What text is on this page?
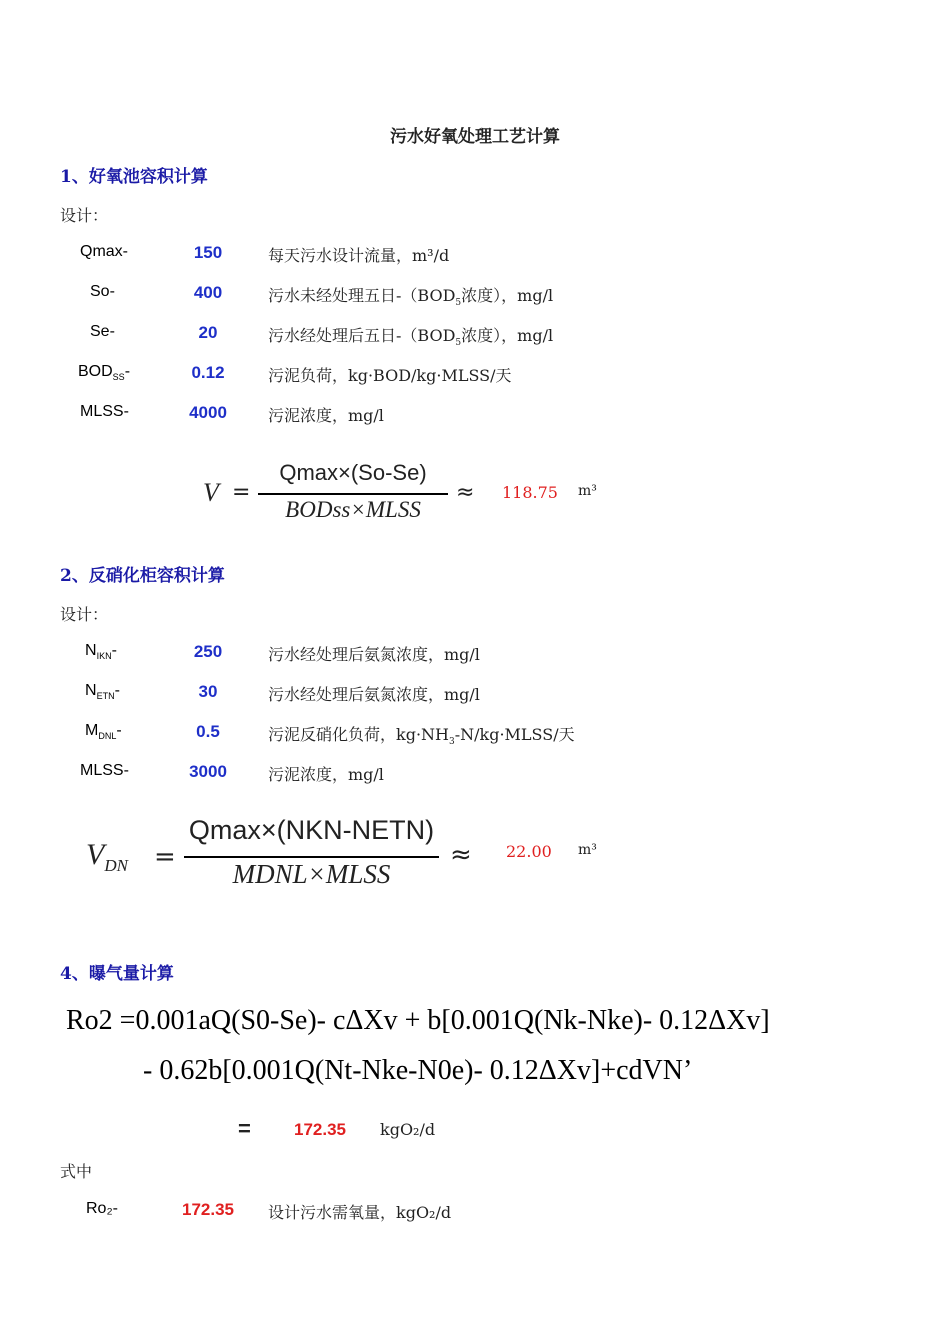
污水好氧处理工艺计算
1、好氧池容积计算
设计：
Qmax-	150	每天污水设计流量，m³/d
So-	400	污水未经处理五日$-(BOD_5$浓度），mg/l
Se-	20	污水经处理后五日$-(BOD_5$浓度），mg/l
$BOD_{SS}-$	0.12	污泥负荷，kg·BOD/kg·MLSS/天
MLSS-	4000	污泥浓度，mg/l
V =
Qmax×(So-Se)
BODss×MLSS
≈ 118.75 m³
2、反硝化柜容积计算
设计：
$N_{IKN}-$	250	污水经处理后氨氮浓度，mg/l
$N_{ETN}-$	30	污水经处理后氨氮浓度，mg/l
$M_{DNL}-$	0.5	污泥反硝化负荷，$kg\cdot NH_3-N/kg\cdot MLSS/$天
MLSS-	3000	污泥浓度，mg/l
$V_{DN}$ =
Qmax×(NKN-NETN)
MDNL×MLSS
≈ 22.00 m³
4、曝气量计算
Ro2 =0.001aQ(S0-Se)- cΔXv + b[0.001Q(Nk-Nke)- 0.12ΔXv]
- 0.62b[0.001Q(Nt-Nke-N0e)- 0.12ΔXv]+cdVN’
=	172.35	kgO₂/d
式中
Ro₂-	172.35	设计污水需氧量，kgO₂/d
